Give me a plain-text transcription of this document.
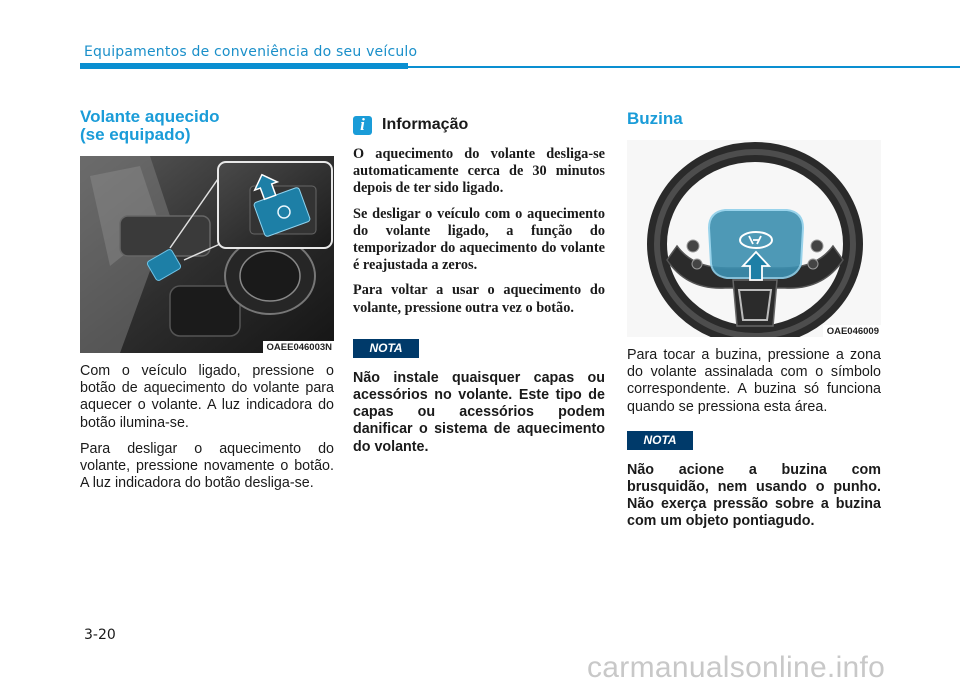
Equipamentos de conveniência do seu veículo
Volante aquecido
(se equipado)
OAEE046003N

Com o veículo ligado, pressione o botão de aquecimento do volante para aquecer o volante. A luz indicadora do botão ilumina-se.

Para desligar o aquecimento do volante, pressione novamente o botão. A luz indicadora do botão desliga-se.

i	Informação

O aquecimento do volante desliga-se automaticamente cerca de 30 minutos depois de ter sido ligado.

Se desligar o veículo com o aquecimento do volante ligado, a função do temporizador do aquecimento do volante é reajustada a zeros.

Para voltar a usar o aquecimento do volante, pressione outra vez o botão.

NOTA

Não instale quaisquer capas ou acessórios no volante. Este tipo de capas ou acessórios podem danificar o sistema de aquecimento do volante.

Buzina
OAE046009

Para tocar a buzina, pressione a zona do volante assinalada com o símbolo correspondente. A buzina só funciona quando se pressiona esta área.

NOTA

Não acione a buzina com brusquidão, nem usando o punho. Não exerça pressão sobre a buzina com um objeto pontiagudo.

3-20
carmanualsonline.info
